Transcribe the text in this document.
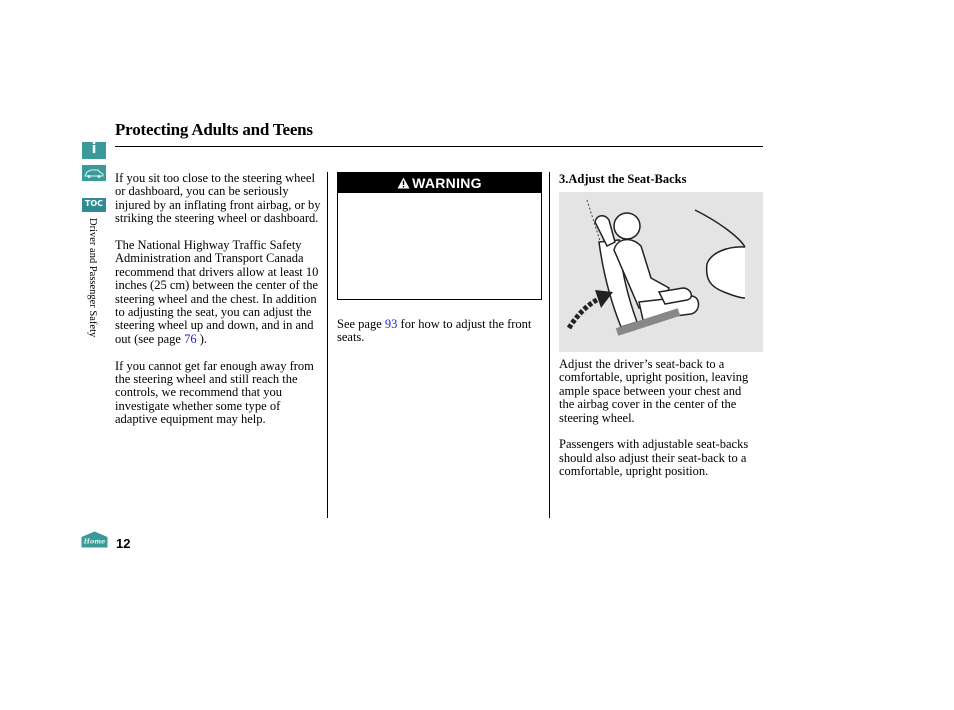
Protecting Adults and Teens
i
TOC
Driver and Passenger Safety

If you sit too close to the steering wheel or dashboard, you can be seriously injured by an inflating front airbag, or by striking the steering wheel or dashboard.

The National Highway Traffic Safety Administration and Transport Canada recommend that drivers allow at least 10 inches (25 cm) between the center of the steering wheel and the chest. In addition to adjusting the seat, you can adjust the steering wheel up and down, and in and out (see page 76 ).

If you cannot get far enough away from the steering wheel and still reach the controls, we recommend that you investigate whether some type of adaptive equipment may help.

WARNING
See page 93 for how to adjust the front seats.
3.Adjust the Seat-Backs

Adjust the driver’s seat-back to a comfortable, upright position, leaving ample space between your chest and the airbag cover in the center of the steering wheel.

Passengers with adjustable seat-backs should also adjust their seat-back to a comfortable, upright position.

Home 12
